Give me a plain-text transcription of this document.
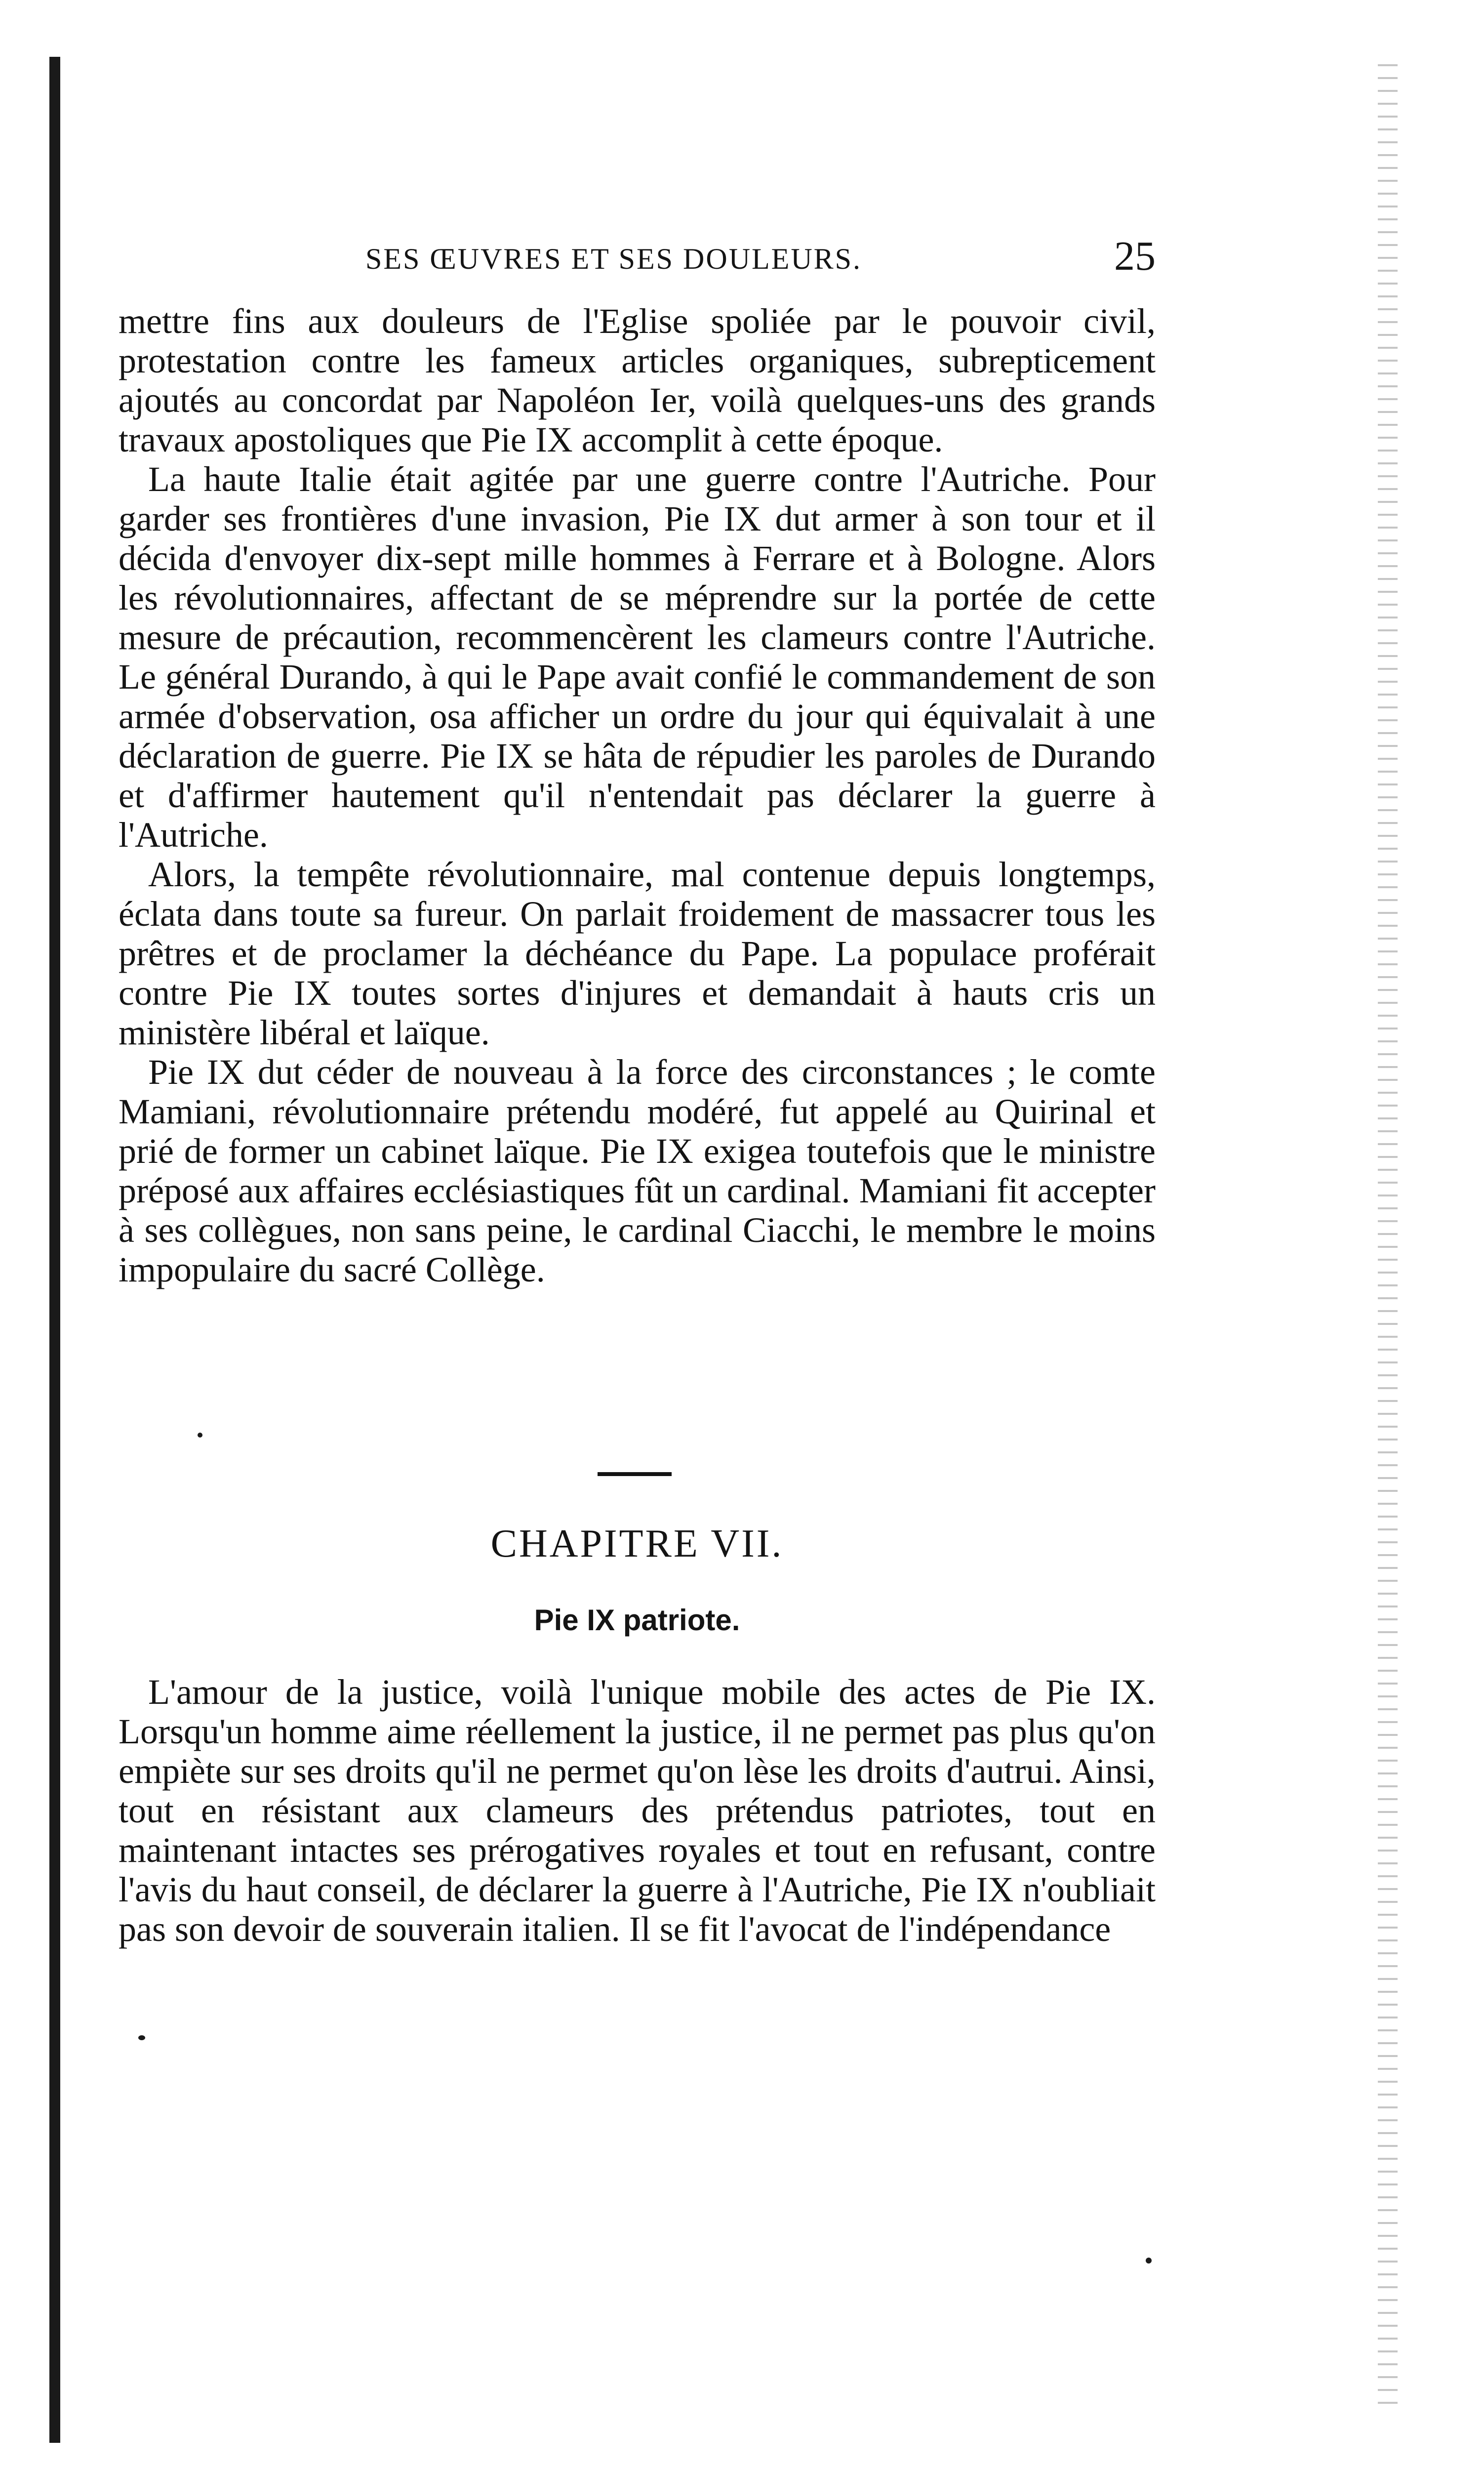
SES ŒUVRES ET SES DOULEURS.	25

mettre fins aux douleurs de l'Eglise spoliée par le pouvoir civil, protestation contre les fameux articles organiques, subrepticement ajoutés au concordat par Napoléon Ier, voilà quelques-uns des grands travaux apostoliques que Pie IX accomplit à cette époque.

La haute Italie était agitée par une guerre contre l'Autriche. Pour garder ses frontières d'une invasion, Pie IX dut armer à son tour et il décida d'envoyer dix-sept mille hommes à Ferrare et à Bologne. Alors les révolutionnaires, affectant de se méprendre sur la portée de cette mesure de précaution, recommencèrent les clameurs contre l'Autriche. Le général Durando, à qui le Pape avait confié le commandement de son armée d'observation, osa afficher un ordre du jour qui équivalait à une déclaration de guerre. Pie IX se hâta de répudier les paroles de Durando et d'affirmer hautement qu'il n'entendait pas déclarer la guerre à l'Autriche.

Alors, la tempête révolutionnaire, mal contenue depuis longtemps, éclata dans toute sa fureur. On parlait froidement de massacrer tous les prêtres et de proclamer la déchéance du Pape. La populace proférait contre Pie IX toutes sortes d'injures et demandait à hauts cris un ministère libéral et laïque.

Pie IX dut céder de nouveau à la force des circonstances ; le comte Mamiani, révolutionnaire prétendu modéré, fut appelé au Quirinal et prié de former un cabinet laïque. Pie IX exigea toutefois que le ministre préposé aux affaires ecclésiastiques fût un cardinal. Mamiani fit accepter à ses collègues, non sans peine, le cardinal Ciacchi, le membre le moins impopulaire du sacré Collège.

CHAPITRE VII.
Pie IX patriote.

L'amour de la justice, voilà l'unique mobile des actes de Pie IX. Lorsqu'un homme aime réellement la justice, il ne permet pas plus qu'on empiète sur ses droits qu'il ne permet qu'on lèse les droits d'autrui. Ainsi, tout en résistant aux clameurs des prétendus patriotes, tout en maintenant intactes ses prérogatives royales et tout en refusant, contre l'avis du haut conseil, de déclarer la guerre à l'Autriche, Pie IX n'oubliait pas son devoir de souverain italien. Il se fit l'avocat de l'indépendance
